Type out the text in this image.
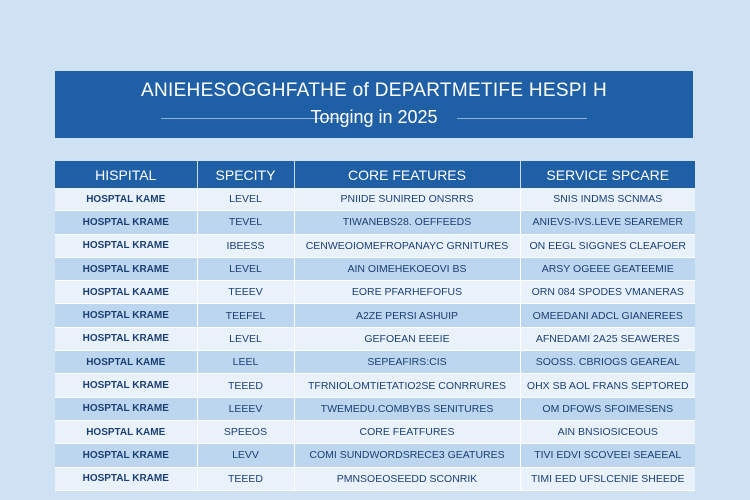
ANIEHESOGGHFATHE of DEPARTMETIFE HESPI H
Tonging in 2025
HISPITAL	SPECITY	CORE FEATURES	SERVICE SPCARE
HOSPTAL KAME	LEVEL	PNIIDE SUNIRED ONSRRS	SNIS INDMS SCNMAS
HOSPTAL KRAME	TEVEL	TIWANEBS28. OEFFEEDS	ANIEVS-IVS.LEVE SEAREMER
HOSPTAL KRAME	IBEESS	CENWEOIOMEFROPANAYC GRNITURES	ON EEGL SIGGNES CLEAFOER
HOSPTAL KRAME	LEVEL	AIN OIMEHEKOEOVI BS	ARSY OGEEE GEATEEMIE
HOSPTAL KAAME	TEEEV	EORE PFARHEFOFUS	ORN 084 SPODES VMANERAS
HOSPTAL KRAME	TEEFEL	A2ZE PERSI ASHUIP	OMEEDANI ADCL GIANEREES
HOSPTAL KRAME	LEVEL	GEFOEAN EEEIE	AFNEDAMI 2A25 SEAWERES
HOSPTAL KAME	LEEL	SEPEAFIRS:CIS	SOOSS. CBRIOGS GEAREAL
HOSPTAL KRAME	TEEED	TFRNIOLOMTIETATIO2SE CONRRURES	OHX SB AOL FRANS SEPTORED
HOSPTAL KRAME	LEEEV	TWEMEDU.COMBYBS SENITURES	OM DFOWS SFOIMESENS
HOSPTAL KAME	SPEEOS	CORE FEATFURES	AIN BNSIOSICEOUS
HOSPTAL KRAME	LEVV	COMI SUNDWORDSRECE3 GEATURES	TIVI EDVI SCOVEEI SEAEEAL
HOSPTAL KRAME	TEEED	PMNSOEOSEEDD SCONRIK	TIMI EED UFSLCENIE SHEEDE
